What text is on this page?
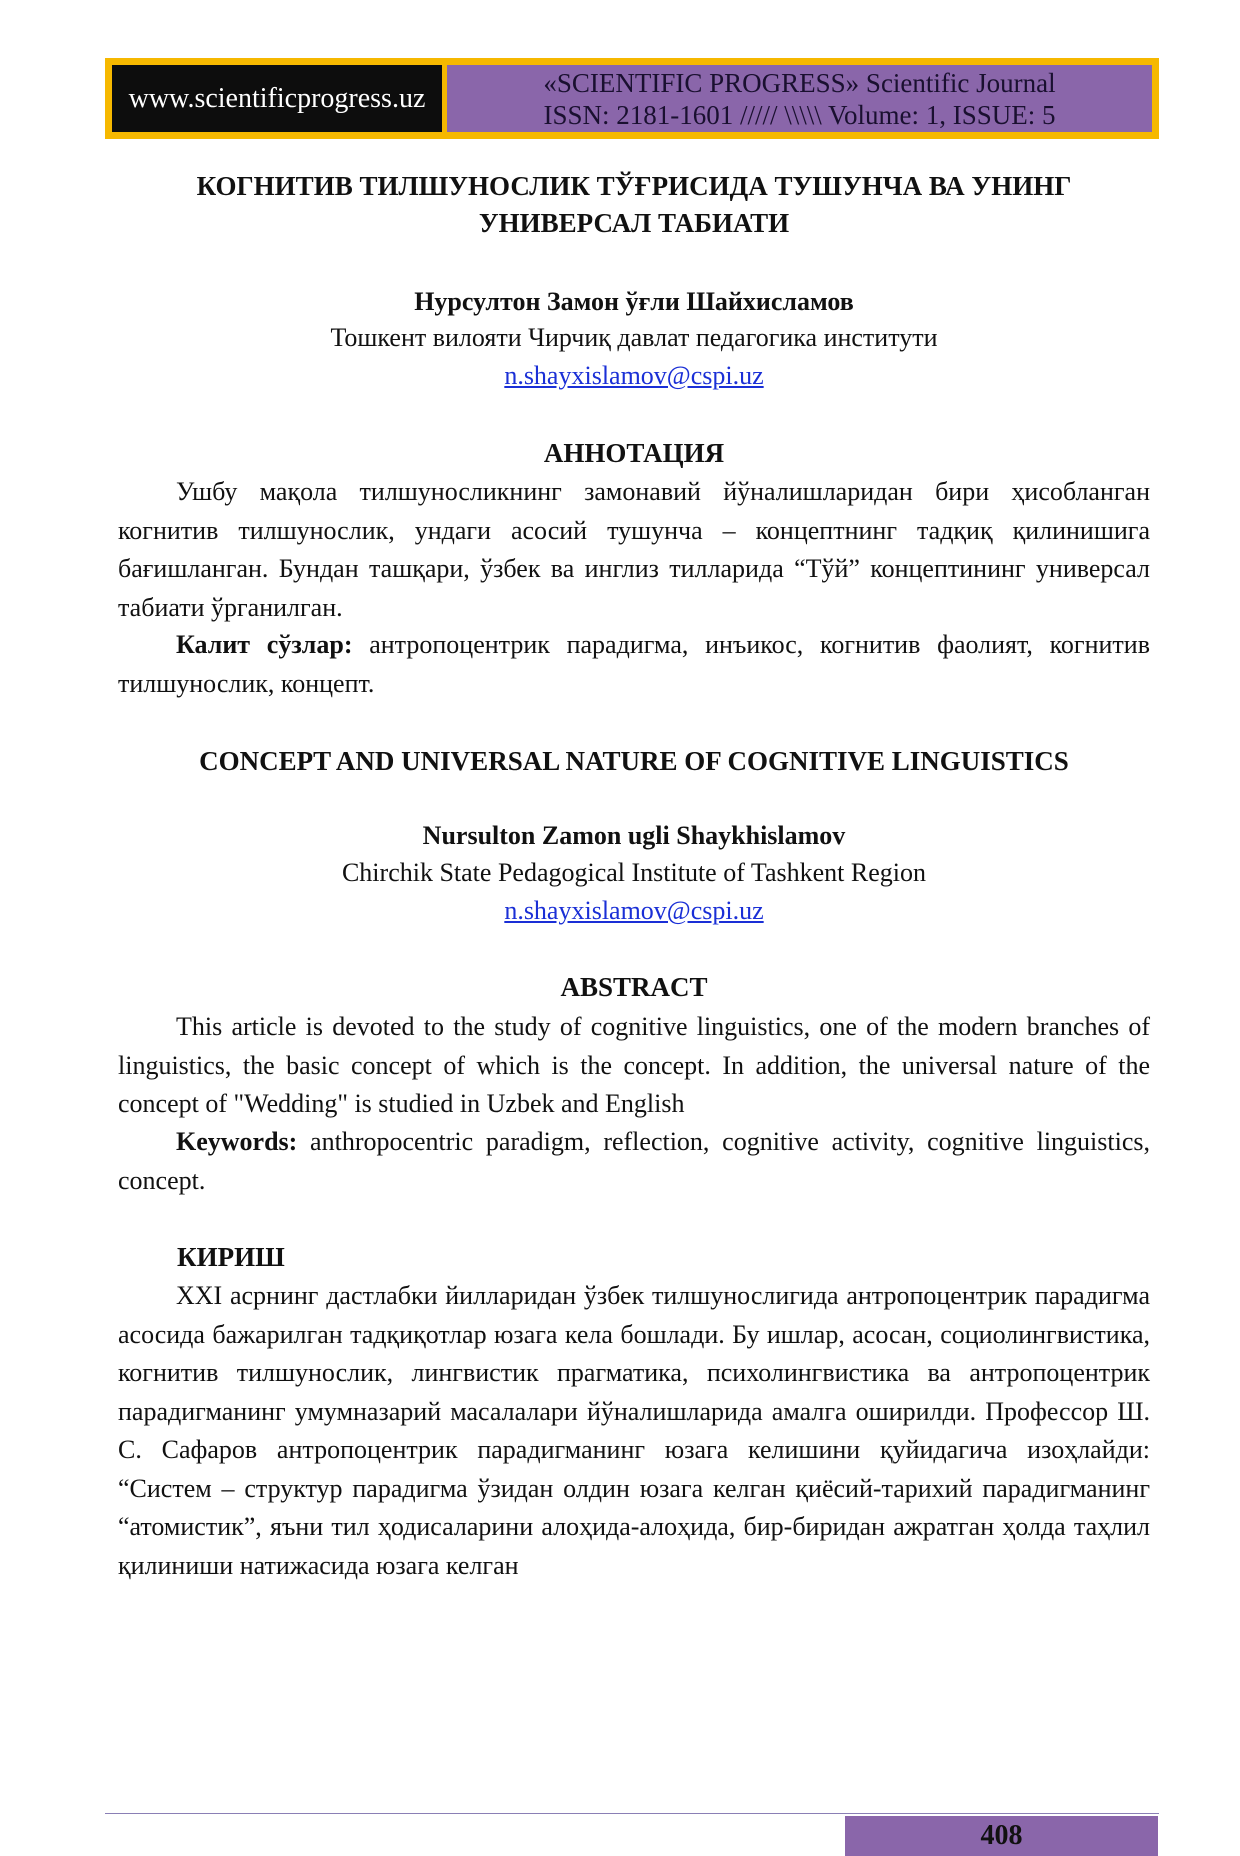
www.scientificprogress.uz	«SCIENTIFIC PROGRESS» Scientific Journal
ISSN: 2181-1601 ///// \\\\\ Volume: 1, ISSUE: 5
КОГНИТИВ ТИЛШУНОСЛИК ТЎҒРИСИДА ТУШУНЧА ВА УНИНГ
УНИВЕРСАЛ ТАБИАТИ
Нурсултон Замон ўғли Шайхисламов
Тошкент вилояти Чирчиқ давлат педагогика институти
n.shayxislamov@cspi.uz
АННОТАЦИЯ
Ушбу мақола тилшуносликнинг замонавий йўналишларидан бири ҳисобланган когнитив тилшунослик, ундаги асосий тушунча – концептнинг тадқиқ қилинишига бағишланган. Бундан ташқари, ўзбек ва инглиз тилларида “Тўй” концептининг универсал табиати ўрганилган.
Калит сўзлар: антропоцентрик парадигма, инъикос, когнитив фаолият, когнитив тилшунослик, концепт.
CONCEPT AND UNIVERSAL NATURE OF COGNITIVE LINGUISTICS
Nursulton Zamon ugli Shaykhislamov
Chirchik State Pedagogical Institute of Tashkent Region
n.shayxislamov@cspi.uz
ABSTRACT
This article is devoted to the study of cognitive linguistics, one of the modern branches of linguistics, the basic concept of which is the concept. In addition, the universal nature of the concept of "Wedding" is studied in Uzbek and English
Keywords: anthropocentric paradigm, reflection, cognitive activity, cognitive linguistics, concept.
КИРИШ
XXI асрнинг дастлабки йилларидан ўзбек тилшунослигида антропоцентрик парадигма асосида бажарилган тадқиқотлар юзага кела бошлади. Бу ишлар, асосан, социолингвистика, когнитив тилшунослик, лингвистик прагматика, психолингвистика ва антропоцентрик парадигманинг умумназарий масалалари йўналишларида амалга оширилди. Профессор Ш. С. Сафаров антропоцентрик парадигманинг юзага келишини қуйидагича изоҳлайди: “Систем – структур парадигма ўзидан олдин юзага келган қиёсий-тарихий парадигманинг “атомистик”, яъни тил ҳодисаларини алоҳида-алоҳида, бир-биридан ажратган ҳолда таҳлил қилиниши натижасида юзага келган
408
